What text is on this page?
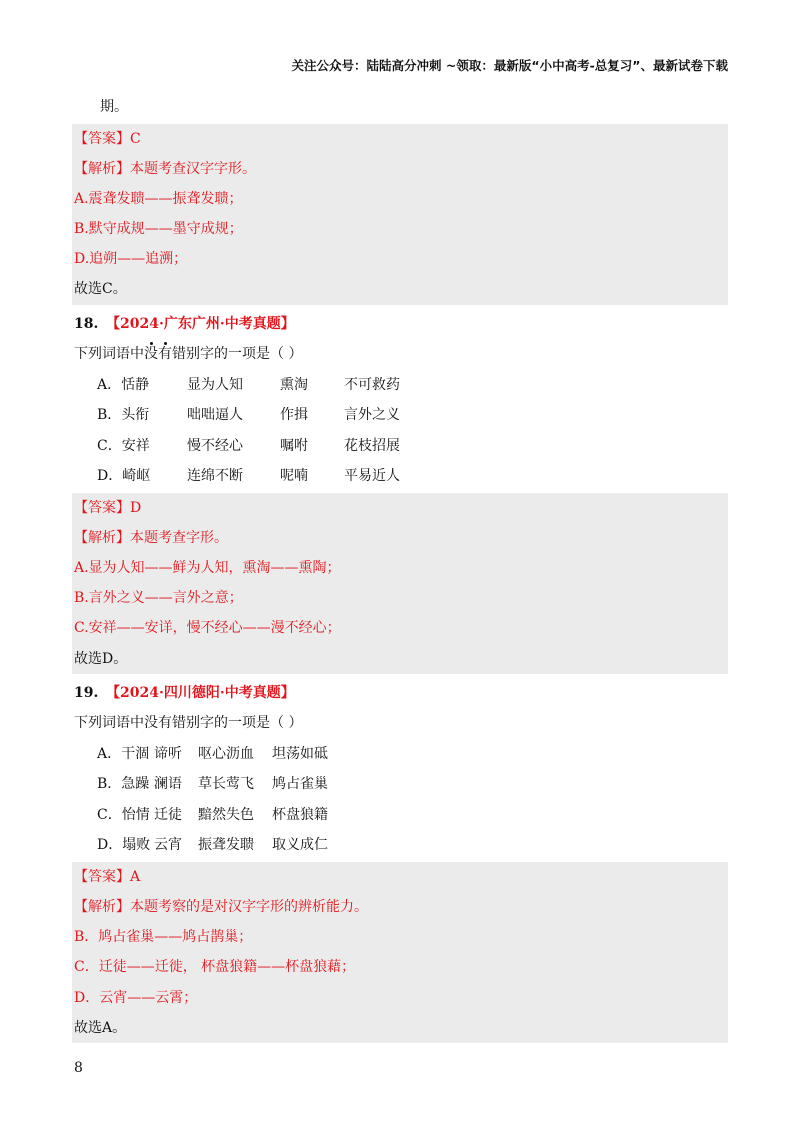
关注公众号：陆陆高分冲刺 ~领取：最新版“小中高考-总复习”、最新试卷下载
期。
【答案】C
【解析】本题考查汉字字形。
A.震聋发聩——振聋发聩；
B.默守成规——墨守成规；
D.追朔——追溯；
故选C。
18. 【2024·广东广州·中考真题】
下列词语中没有错别字的一项是（ ）
A．恬静	显为人知	熏淘	不可救药
B．头衔	咄咄逼人	作揖	言外之义
C．安祥	慢不经心	嘱咐	花枝招展
D．崎岖	连绵不断	呢喃	平易近人
【答案】D
【解析】本题考查字形。
A.显为人知——鲜为人知，熏淘——熏陶；
B.言外之义——言外之意；
C.安祥——安详，慢不经心——漫不经心；
故选D。
19. 【2024·四川德阳·中考真题】
下列词语中没有错别字的一项是（ ）
A．干涸 谛听	呕心沥血	坦荡如砥
B．急躁 澜语	草长莺飞	鸠占雀巢
C．怡情 迁徒	黯然失色	杯盘狼籍
D．塌败 云宵	振聋发聩	取义成仁
【答案】A
【解析】本题考察的是对汉字字形的辨析能力。
B．鸠占雀巢——鸠占鹊巢；
C．迁徒——迁徙， 杯盘狼籍——杯盘狼藉；
D．云宵——云霄；
故选A。
8
